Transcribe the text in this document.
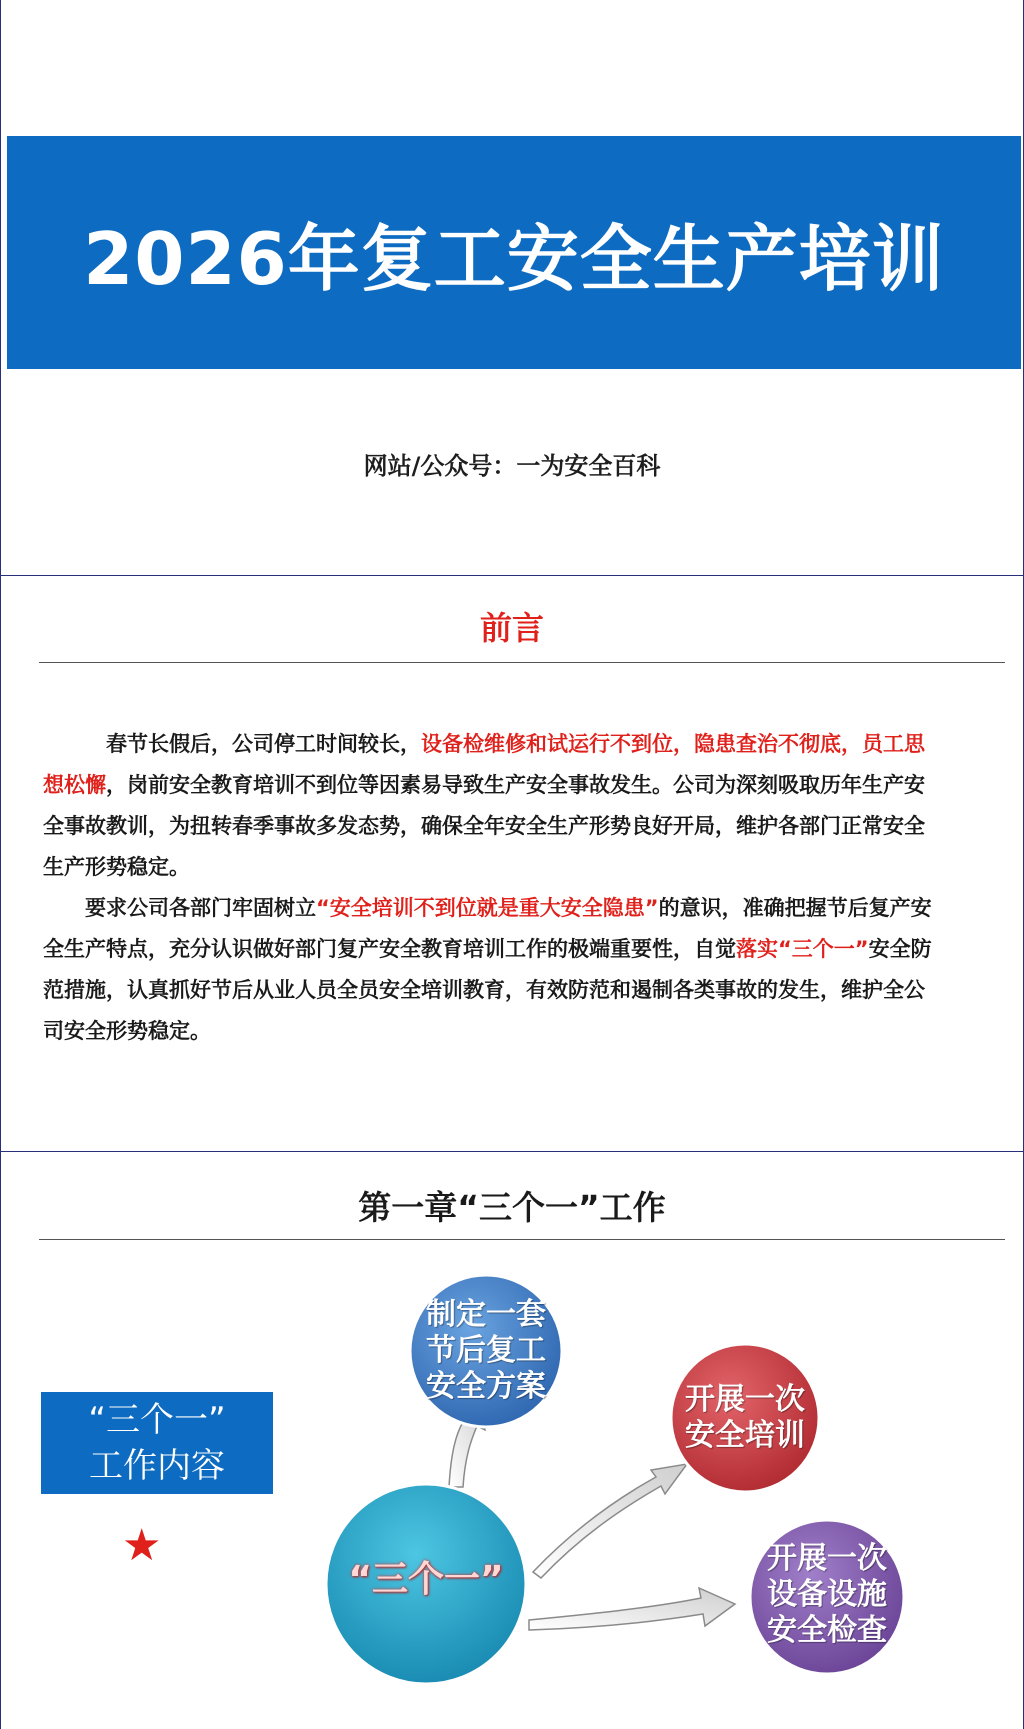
2026年复工安全生产培训
网站/公众号：一为安全百科
前言

春节长假后，公司停工时间较长，设备检维修和试运行不到位，隐患查治不彻底，员工思想松懈，岗前安全教育培训不到位等因素易导致生产安全事故发生。公司为深刻吸取历年生产安全事故教训，为扭转春季事故多发态势，确保全年安全生产形势良好开局，维护各部门正常安全生产形势稳定。

要求公司各部门牢固树立“安全培训不到位就是重大安全隐患”的意识，准确把握节后复产安全生产特点，充分认识做好部门复产安全教育培训工作的极端重要性，自觉落实“三个一”安全防范措施，认真抓好节后从业人员全员安全培训教育，有效防范和遏制各类事故的发生，维护全公司安全形势稳定。

第一章“三个一”工作
“三个一”
工作内容
★
制定一套
节后复工
安全方案	开展一次
安全培训
开展一次
设备设施
安全检查
“三个一”
